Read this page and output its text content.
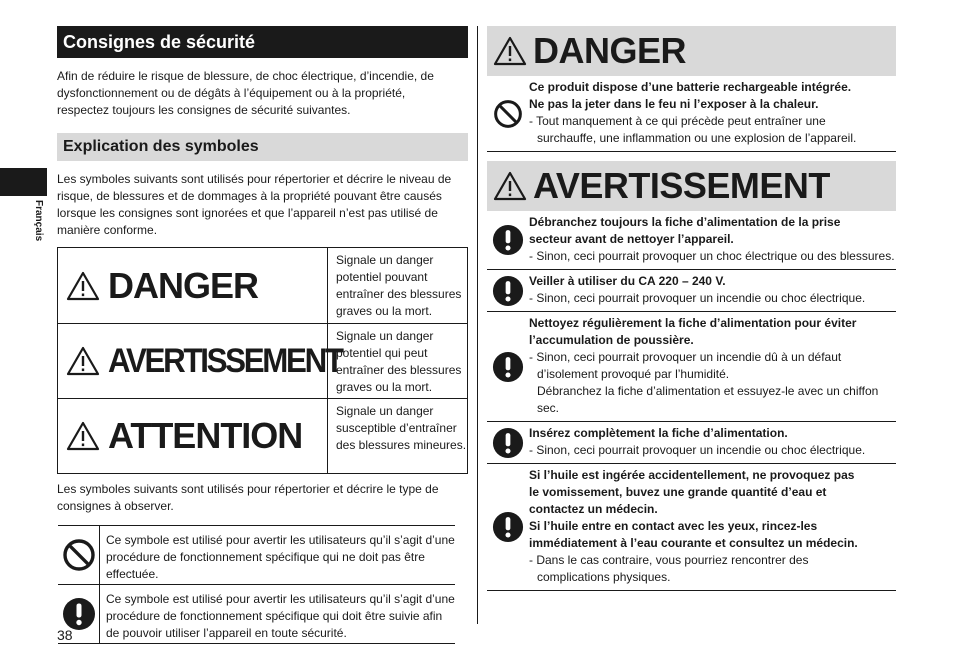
Français
Consignes de sécurité
Afin de réduire le risque de blessure, de choc électrique, d’incendie, de dysfonctionnement ou de dégâts à l’équipement ou à la propriété, respectez toujours les consignes de sécurité suivantes.
Explication des symboles
Les symboles suivants sont utilisés pour répertorier et décrire le niveau de risque, de blessures et de dommages à la propriété pouvant être causés lorsque les consignes sont ignorées et que l’appareil n’est pas utilisé de manière conforme.
DANGER
Signale un danger potentiel pouvant entraîner des blessures graves ou la mort.
AVERTISSEMENT
Signale un danger potentiel qui peut entraîner des blessures graves ou la mort.
ATTENTION
Signale un danger susceptible d’entraîner des blessures mineures.
Les symboles suivants sont utilisés pour répertorier et décrire le type de consignes à observer.
Ce symbole est utilisé pour avertir les utilisateurs qu’il s’agit d’une procédure de fonctionnement spécifique qui ne doit pas être effectuée.
Ce symbole est utilisé pour avertir les utilisateurs qu’il s’agit d’une procédure de fonctionnement spécifique qui doit être suivie afin de pouvoir utiliser l’appareil en toute sécurité.
38
DANGER
Ce produit dispose d’une batterie rechargeable intégrée.
Ne pas la jeter dans le feu ni l’exposer à la chaleur.
- Tout manquement à ce qui précède peut entraîner une
surchauffe, une inflammation ou une explosion de l’appareil.
AVERTISSEMENT
Débranchez toujours la fiche d’alimentation de la prise
secteur avant de nettoyer l’appareil.
- Sinon, ceci pourrait provoquer un choc électrique ou des blessures.
Veiller à utiliser du CA 220 – 240 V.
- Sinon, ceci pourrait provoquer un incendie ou choc électrique.
Nettoyez régulièrement la fiche d’alimentation pour éviter
l’accumulation de poussière.
- Sinon, ceci pourrait provoquer un incendie dû à un défaut
d’isolement provoqué par l’humidité.
Débranchez la fiche d’alimentation et essuyez-le avec un chiffon
sec.
Insérez complètement la fiche d’alimentation.
- Sinon, ceci pourrait provoquer un incendie ou choc électrique.
Si l’huile est ingérée accidentellement, ne provoquez pas
le vomissement, buvez une grande quantité d’eau et
contactez un médecin.
Si l’huile entre en contact avec les yeux, rincez-les
immédiatement à l’eau courante et consultez un médecin.
- Dans le cas contraire, vous pourriez rencontrer des
complications physiques.
